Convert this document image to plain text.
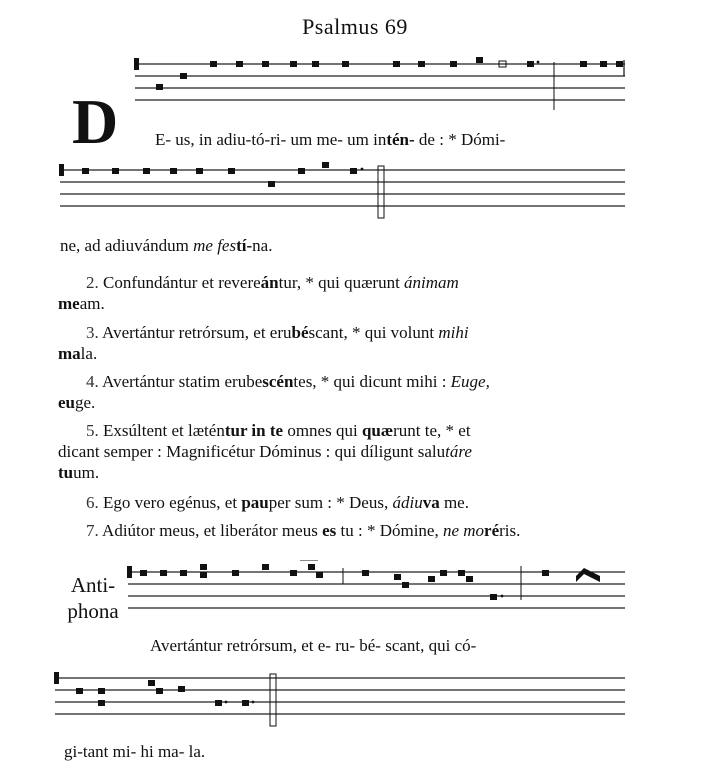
Psalmus 69
D E- us, in adiu-tó-ri- um me- um intén- de : * Dómi-
ne, ad adiuvándum me festí-na.
2. Confundántur et revereántur, * qui quærunt ánimam
meam.
3. Avertántur retrórsum, et erubéscant, * qui volunt mihi
mala.
4. Avertántur statim erubescéntes, * qui dicunt mihi : Euge,
euge.
5. Exsúltent et læténtur in te omnes qui quærunt te, * et
dicant semper : Magnificétur Dóminus : qui díligunt salutáre
tuum.
6. Ego vero egénus, et pauper sum : * Deus, ádiuva me.
7. Adiútor meus, et liberátor meus es tu : * Dómine, ne moréris.
Anti-
phona
Avertántur retrórsum, et e- ru- bé- scant, qui có-
gi-tant mi- hi ma- la.
